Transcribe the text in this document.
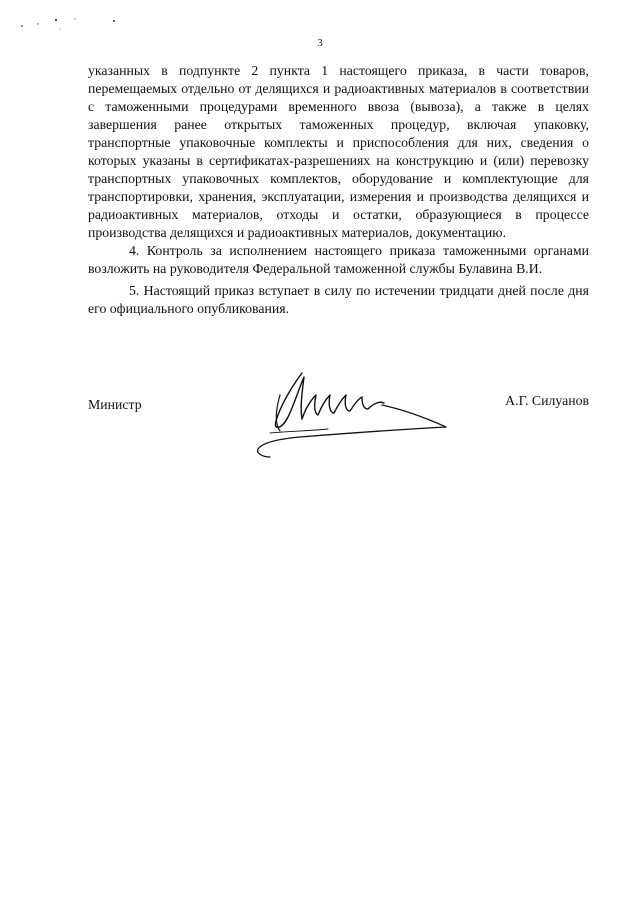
3

указанных в подпункте 2 пункта 1 настоящего приказа, в части товаров, перемещаемых отдельно от делящихся и радиоактивных материалов в соответствии с таможенными процедурами временного ввоза (вывоза), а также в целях завершения ранее открытых таможенных процедур, включая упаковку, транспортные упаковочные комплекты и приспособления для них, сведения о которых указаны в сертификатах-разрешениях на конструкцию и (или) перевозку транспортных упаковочных комплектов, оборудование и комплектующие для транспортировки, хранения, эксплуатации, измерения и производства делящихся и радиоактивных материалов, отходы и остатки, образующиеся в процессе производства делящихся и радиоактивных материалов, документацию.

4. Контроль за исполнением настоящего приказа таможенными органами возложить на руководителя Федеральной таможенной службы Булавина В.И.

5. Настоящий приказ вступает в силу по истечении тридцати дней после дня его официального опубликования.

Министр	А.Г. Силуанов
